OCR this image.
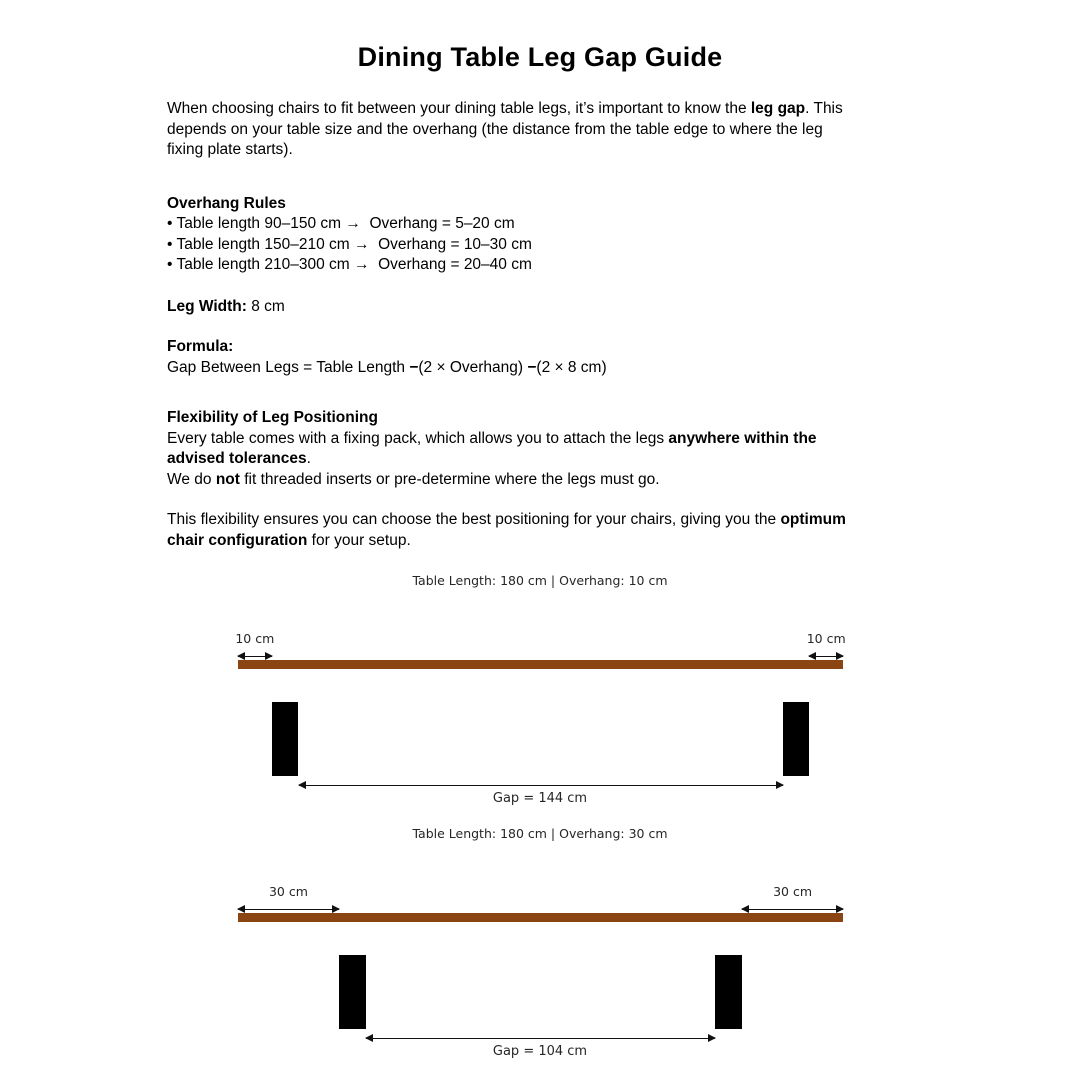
Dining Table Leg Gap Guide
When choosing chairs to fit between your dining table legs, it’s important to know the leg gap. This
depends on your table size and the overhang (the distance from the table edge to where the leg
fixing plate starts).
Overhang Rules
• Table length 90–150 cm →  Overhang = 5–20 cm
• Table length 150–210 cm →  Overhang = 10–30 cm
• Table length 210–300 cm →  Overhang = 20–40 cm
Leg Width: 8 cm
Formula:
Gap Between Legs = Table Length −(2 × Overhang) −(2 × 8 cm)
Flexibility of Leg Positioning
Every table comes with a fixing pack, which allows you to attach the legs anywhere within the
advised tolerances.
We do not fit threaded inserts or pre-determine where the legs must go.
This flexibility ensures you can choose the best positioning for your chairs, giving you the optimum
chair configuration for your setup.
Table Length: 180 cm | Overhang: 10 cm
10 cm	10 cm
Gap = 144 cm
Table Length: 180 cm | Overhang: 30 cm
30 cm	30 cm
Gap = 104 cm
